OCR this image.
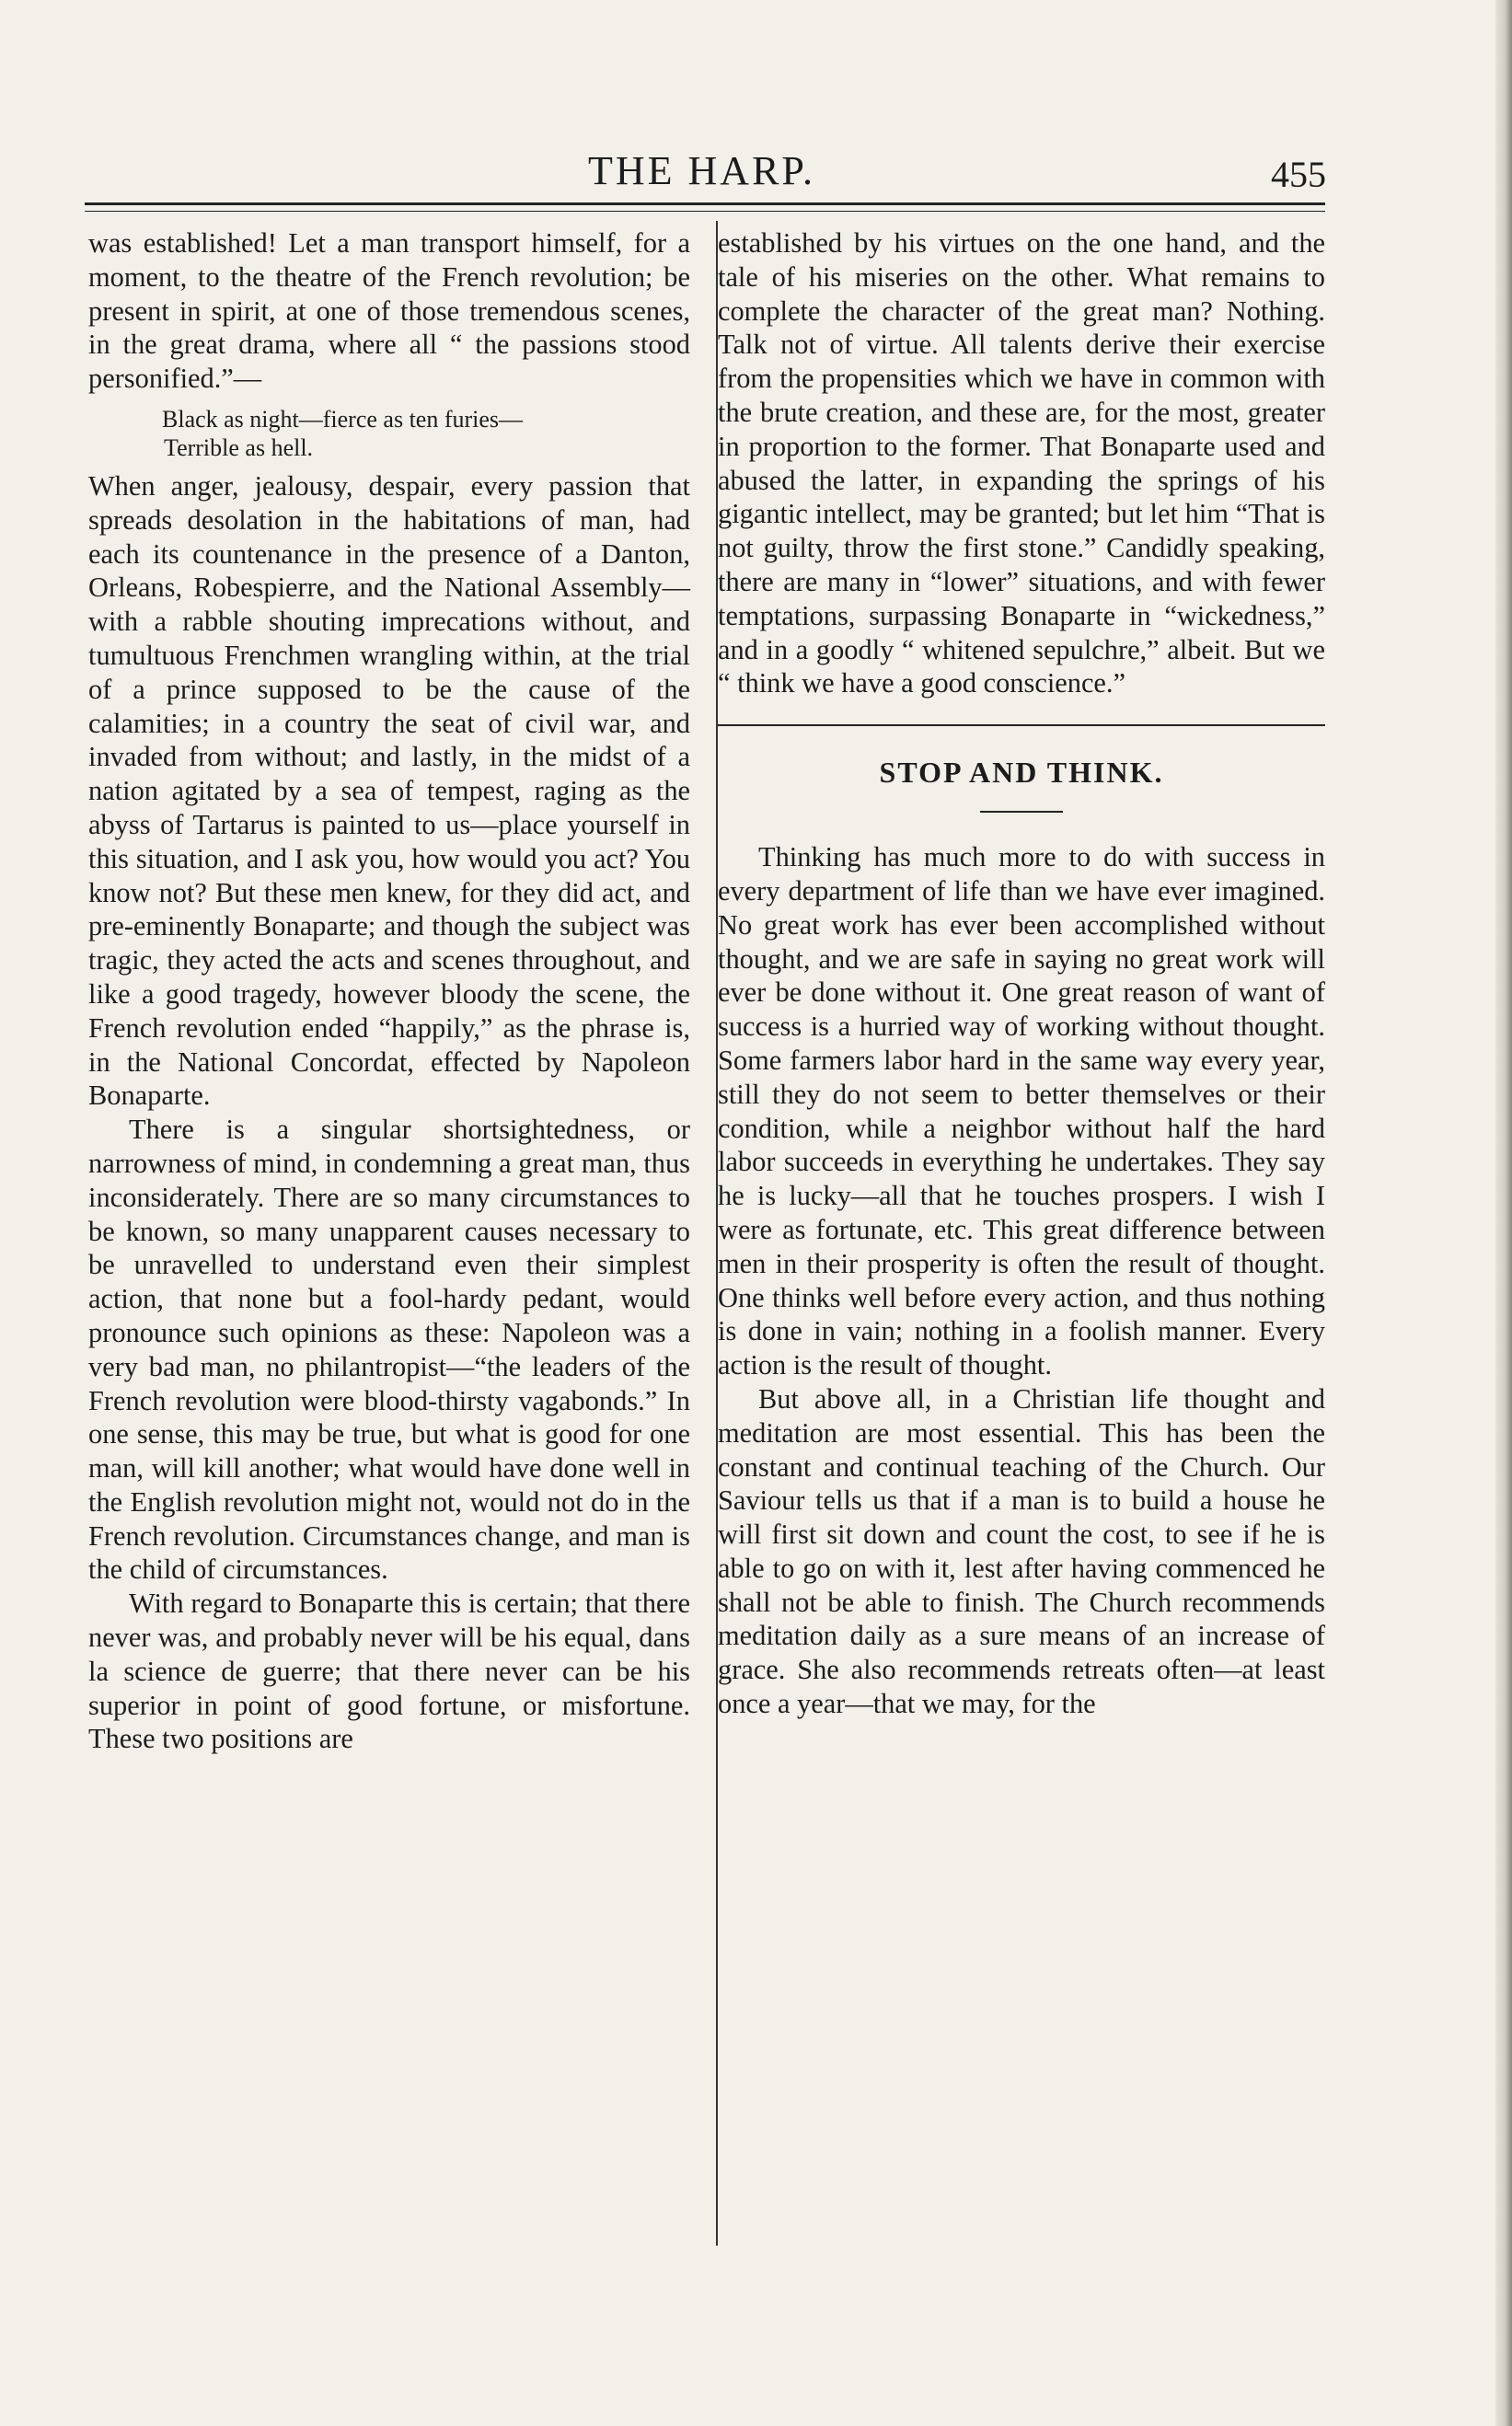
THE HARP.	455

was established! Let a man transport himself, for a moment, to the theatre of the French revolution; be present in spirit, at one of those tremendous scenes, in the great drama, where all “ the passions stood personified.”—

Black as night—fierce as ten furies—
Terrible as hell.

When anger, jealousy, despair, every passion that spreads desolation in the habitations of man, had each its countenance in the presence of a Danton, Orleans, Robespierre, and the National Assembly—with a rabble shouting imprecations without, and tumultuous Frenchmen wrangling within, at the trial of a prince supposed to be the cause of the calamities; in a country the seat of civil war, and invaded from without; and lastly, in the midst of a nation agitated by a sea of tempest, raging as the abyss of Tartarus is painted to us—place yourself in this situation, and I ask you, how would you act? You know not? But these men knew, for they did act, and pre-eminently Bonaparte; and though the subject was tragic, they acted the acts and scenes throughout, and like a good tragedy, however bloody the scene, the French revolution ended “happily,” as the phrase is, in the National Concordat, effected by Napoleon Bonaparte.

There is a singular shortsightedness, or narrowness of mind, in condemning a great man, thus inconsiderately. There are so many circumstances to be known, so many unapparent causes necessary to be unravelled to understand even their simplest action, that none but a fool-hardy pedant, would pronounce such opinions as these: Napoleon was a very bad man, no philantropist—“the leaders of the French revolution were blood-thirsty vagabonds.” In one sense, this may be true, but what is good for one man, will kill another; what would have done well in the English revolution might not, would not do in the French revolution. Circumstances change, and man is the child of circumstances.

With regard to Bonaparte this is certain; that there never was, and probably never will be his equal, dans la science de guerre; that there never can be his superior in point of good fortune, or misfortune. These two positions are

established by his virtues on the one hand, and the tale of his miseries on the other. What remains to complete the character of the great man? Nothing. Talk not of virtue. All talents derive their exercise from the propensities which we have in common with the brute creation, and these are, for the most, greater in proportion to the former. That Bonaparte used and abused the latter, in expanding the springs of his gigantic intellect, may be granted; but let him “That is not guilty, throw the first stone.” Candidly speaking, there are many in “lower” situations, and with fewer temptations, surpassing Bonaparte in “wickedness,” and in a goodly “ whitened sepulchre,” albeit. But we “ think we have a good conscience.”

STOP AND THINK.

Thinking has much more to do with success in every department of life than we have ever imagined. No great work has ever been accomplished without thought, and we are safe in saying no great work will ever be done without it. One great reason of want of success is a hurried way of working without thought. Some farmers labor hard in the same way every year, still they do not seem to better themselves or their condition, while a neighbor without half the hard labor succeeds in everything he undertakes. They say he is lucky—all that he touches prospers. I wish I were as fortunate, etc. This great difference between men in their prosperity is often the result of thought. One thinks well before every action, and thus nothing is done in vain; nothing in a foolish manner. Every action is the result of thought.

But above all, in a Christian life thought and meditation are most essential. This has been the constant and continual teaching of the Church. Our Saviour tells us that if a man is to build a house he will first sit down and count the cost, to see if he is able to go on with it, lest after having commenced he shall not be able to finish. The Church recommends meditation daily as a sure means of an increase of grace. She also recommends retreats often—at least once a year—that we may, for the
